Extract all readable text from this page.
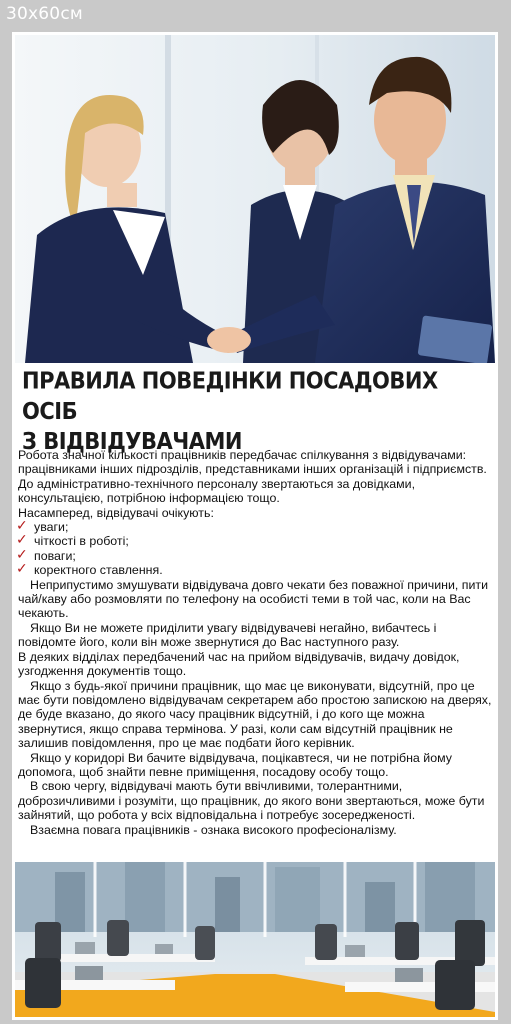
30х60см
ПРАВИЛА ПОВЕДІНКИ ПОСАДОВИХ ОСІБ
З ВІДВІДУВАЧАМИ

Робота значної кількості працівників передбачає спілкування з відвідувачами: працівниками інших підрозділів, представниками інших організацій і підприємств.

До адміністративно-технічного персоналу звертаються за довідками, консультацією, потрібною інформацією тощо.

Насамперед, відвідувачі очікують:

✓ уваги;
✓ чіткості в роботі;
✓ поваги;
✓ коректного ставлення.

Неприпустимо змушувати відвідувача довго чекати без поважної причини, пити чай/каву або розмовляти по телефону на особисті теми в той час, коли на Вас чекають.

Якщо Ви не можете приділити увагу відвідувачеві негайно, вибачтесь і повідомте його, коли він може звернутися до Вас наступного разу.

В деяких відділах передбачений час на прийом відвідувачів, видачу довідок, узгодження документів тощо.

Якщо з будь-якої причини працівник, що має це виконувати, відсутній, про це має бути повідомлено відвідувачам секретарем або простою запискою на дверях, де буде вказано, до якого часу працівник відсутній, і до кого ще можна звернутися, якщо справа термінова. У разі, коли сам відсутній працівник не залишив повідомлення, про це має подбати його керівник.

Якщо у коридорі Ви бачите відвідувача, поцікавтеся, чи не потрібна йому допомога, щоб знайти певне приміщення, посадову особу тощо.

В свою чергу, відвідувачі мають бути ввічливими, толерантними, доброзичливими і розуміти, що працівник, до якого вони звертаються, може бути зайнятий, що робота у всіх відповідальна і потребує зосередженості.

Взаємна повага працівників - ознака високого професіоналізму.
